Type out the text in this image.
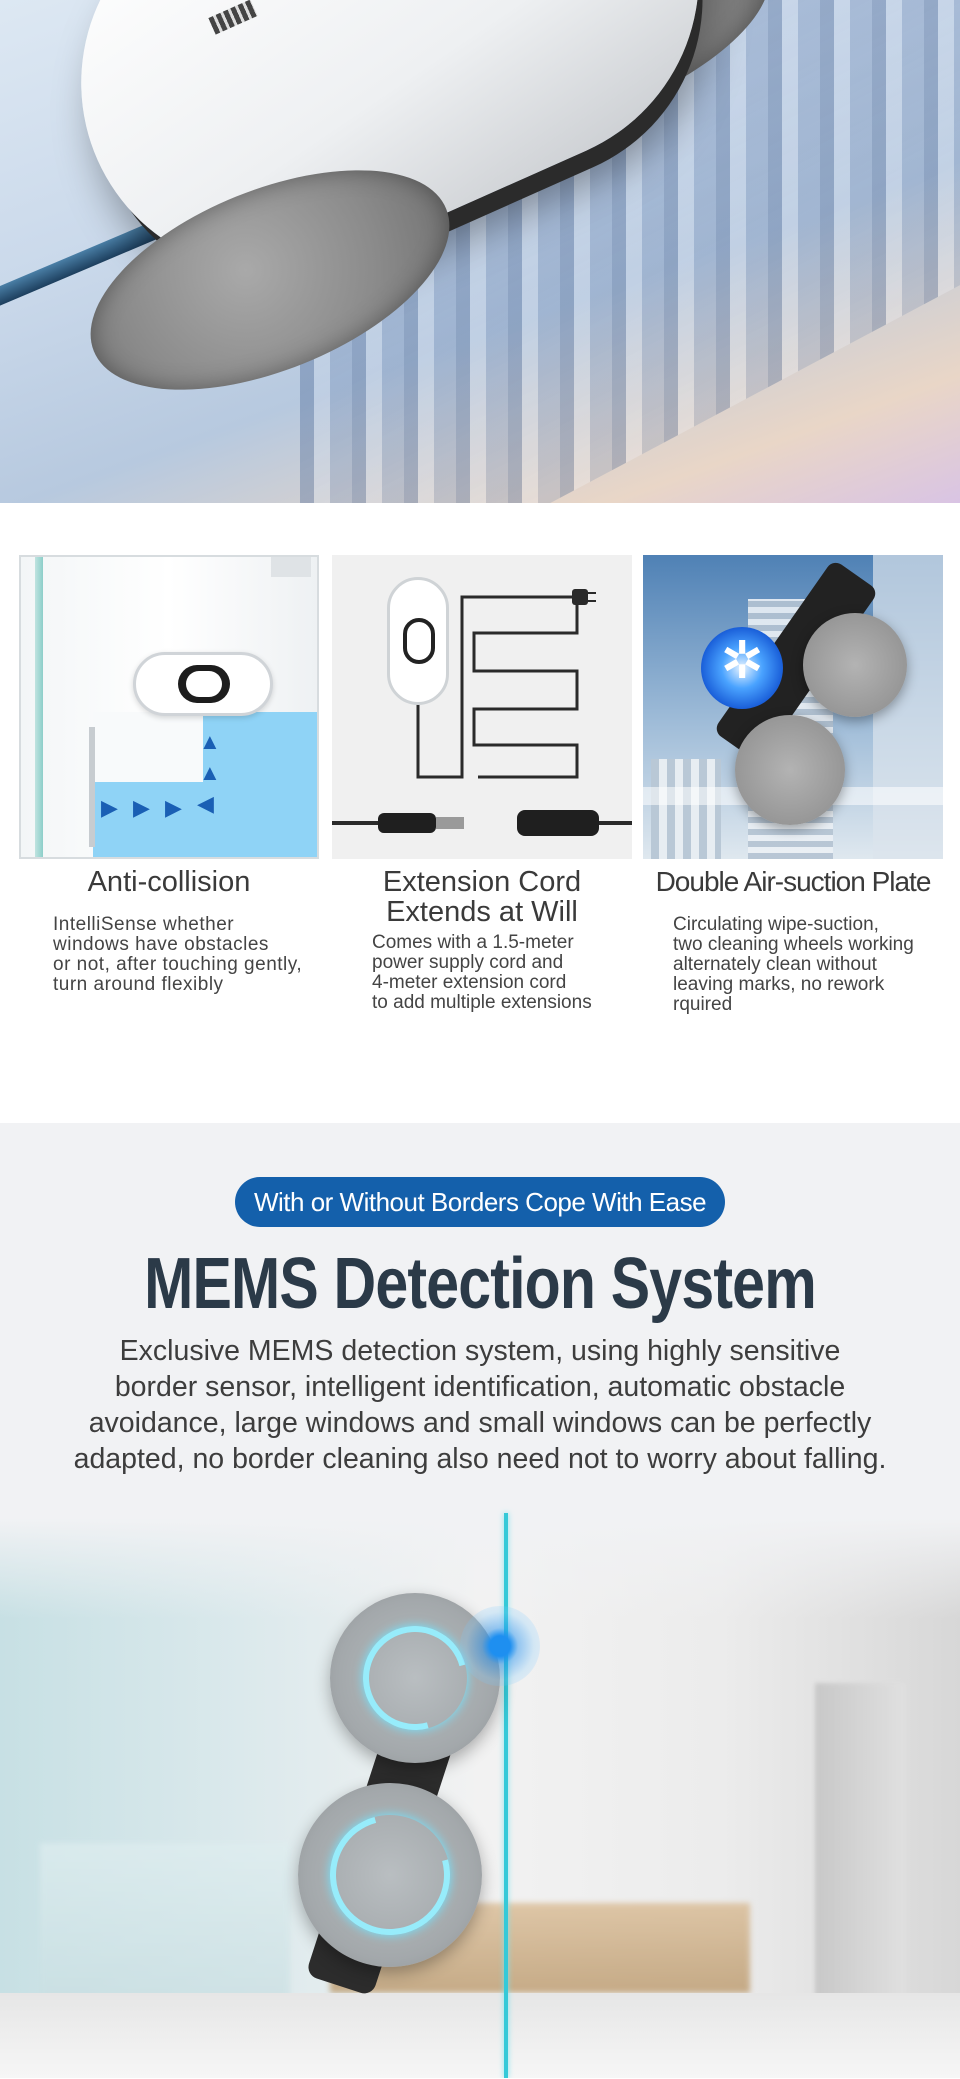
▶ ▶ ▶ ◀
▲
▲
Anti-collision
IntelliSense whether
windows have obstacles
or not, after touching gently,
turn around flexibly
Extension Cord
Extends at Will
Comes with a 1.5-meter
power supply cord and
4-meter extension cord
to add multiple extensions
✲
Double Air-suction Plate
Circulating wipe-suction,
two cleaning wheels working
alternately clean without
leaving marks, no rework
rquired
With or Without Borders Cope With Ease
MEMS Detection System
Exclusive MEMS detection system, using highly sensitive
border sensor, intelligent identification, automatic obstacle
avoidance, large windows and small windows can be perfectly
adapted, no border cleaning also need not to worry about falling.
